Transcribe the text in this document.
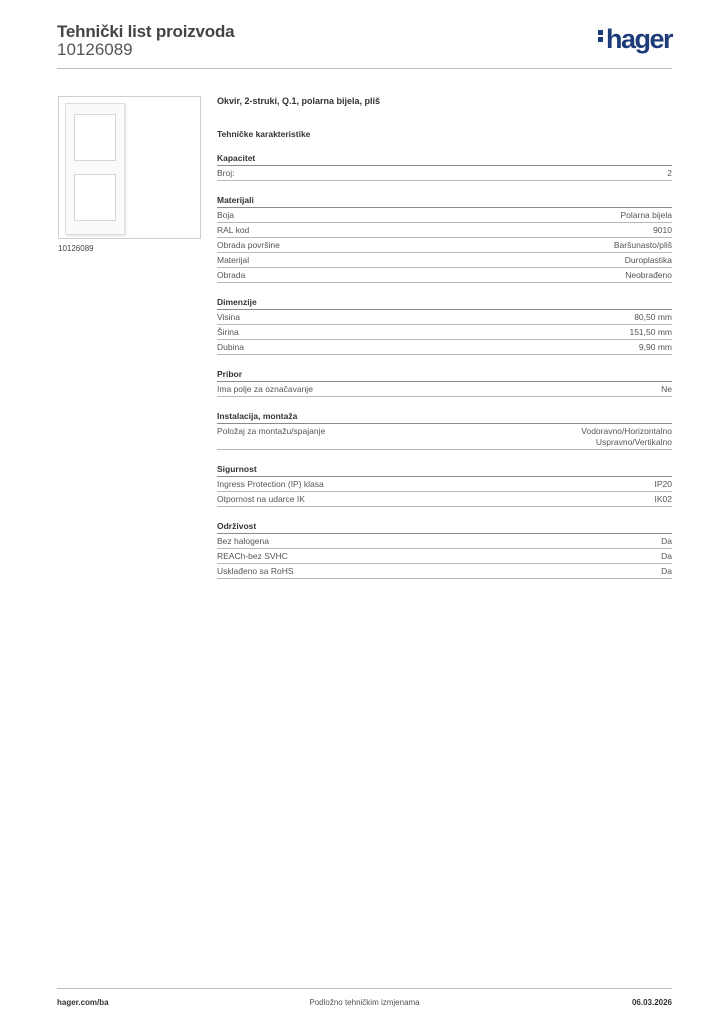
Tehnički list proizvoda
10126089	hager
10126089
Okvir, 2-struki, Q.1, polarna bijela, pliš
Tehničke karakteristike
Kapacitet
Broj:	2
Materijali
Boja	Polarna bijela
RAL kod	9010
Obrada površine	Baršunasto/pliš
Materijal	Duroplastika
Obrada	Neobrađeno
Dimenzije
Visina	80,50 mm
Širina	151,50 mm
Dubina	9,90 mm
Pribor
Ima polje za označavanje	Ne
Instalacija, montaža
Položaj za montažu/spajanje	Vodoravno/Horizontalno
Uspravno/Vertikalno
Sigurnost
Ingress Protection (IP) klasa	IP20
Otpornost na udarce IK	IK02
Održivost
Bez halogena	Da
REACh-bez SVHC	Da
Usklađeno sa RoHS	Da
hager.com/ba	Podložno tehničkim izmjenama	06.03.2026
